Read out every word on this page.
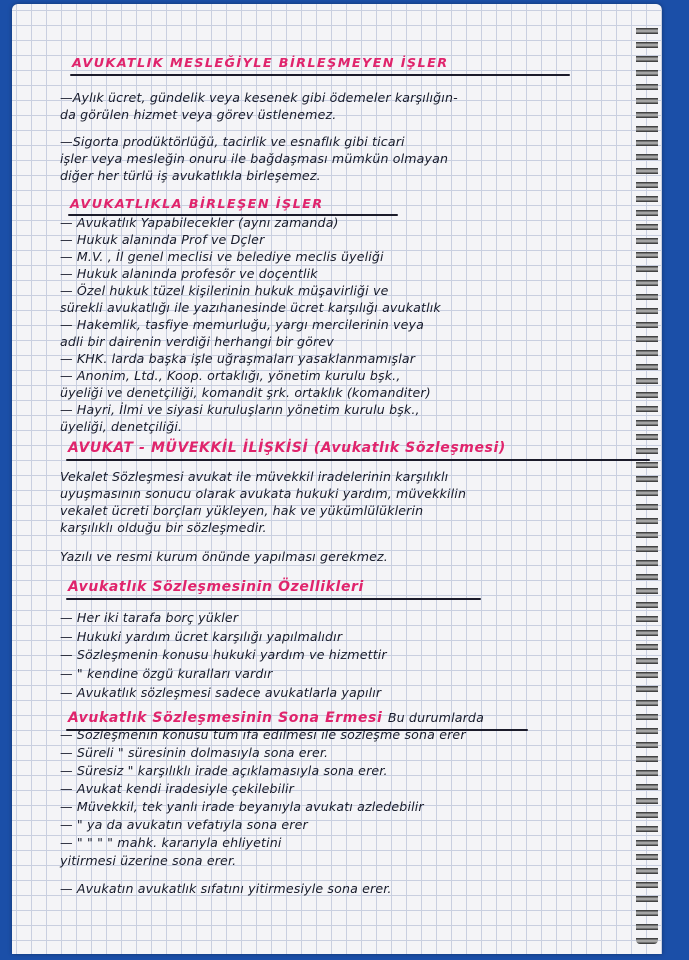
AVUKATLIK MESLEĞİYLE BİRLEŞMEYEN İŞLER

—Aylık ücret, gündelik veya kesenek gibi ödemeler karşılığın-

da görülen hizmet veya görev üstlenemez.

—Sigorta prodüktörlüğü, tacirlik ve esnaflık gibi ticari

işler veya mesleğin onuru ile bağdaşması mümkün olmayan

diğer her türlü iş avukatlıkla birleşemez.

AVUKATLIKLA BİRLEŞEN İŞLER

— Avukatlık Yapabilecekler (aynı zamanda)

— Hukuk alanında Prof ve Dçler

— M.V. , İl genel meclisi ve belediye meclis üyeliği

— Hukuk alanında profesör ve doçentlik

— Özel hukuk tüzel kişilerinin hukuk müşavirliği ve

sürekli avukatlığı ile yazıhanesinde ücret karşılığı avukatlık

— Hakemlik, tasfiye memurluğu, yargı mercilerinin veya

adli bir dairenin verdiği herhangi bir görev

— KHK. larda başka işle uğraşmaları yasaklanmamışlar

— Anonim, Ltd., Koop. ortaklığı, yönetim kurulu bşk.,

üyeliği ve denetçiliği, komandit şrk. ortaklık (komanditer)

— Hayri, İlmi ve siyasi kuruluşların yönetim kurulu bşk.,

üyeliği, denetçiliği.

AVUKAT - MÜVEKKİL İLİŞKİSİ (Avukatlık Sözleşmesi)

Vekalet Sözleşmesi avukat ile müvekkil iradelerinin karşılıklı

uyuşmasının sonucu olarak avukata hukuki yardım, müvekkilin

vekalet ücreti borçları yükleyen, hak ve yükümlülüklerin

karşılıklı olduğu bir sözleşmedir.

Yazılı ve resmi kurum önünde yapılması gerekmez.

Avukatlık Sözleşmesinin Özellikleri

— Her iki tarafa borç yükler

— Hukuki yardım ücret karşılığı yapılmalıdır

— Sözleşmenin konusu hukuki yardım ve hizmettir

— " kendine özgü kuralları vardır

— Avukatlık sözleşmesi sadece avukatlarla yapılır

Avukatlık Sözleşmesinin Sona Ermesi Bu durumlarda

— Sözleşmenin konusu tüm ifa edilmesi ile sözleşme sona erer

— Süreli " süresinin dolmasıyla sona erer.

— Süresiz " karşılıklı irade açıklamasıyla sona erer.

— Avukat kendi iradesiyle çekilebilir

— Müvekkil, tek yanlı irade beyanıyla avukatı azledebilir

— " ya da avukatın vefatıyla sona erer

— " " " " mahk. kararıyla ehliyetini

yitirmesi üzerine sona erer.

— Avukatın avukatlık sıfatını yitirmesiyle sona erer.
